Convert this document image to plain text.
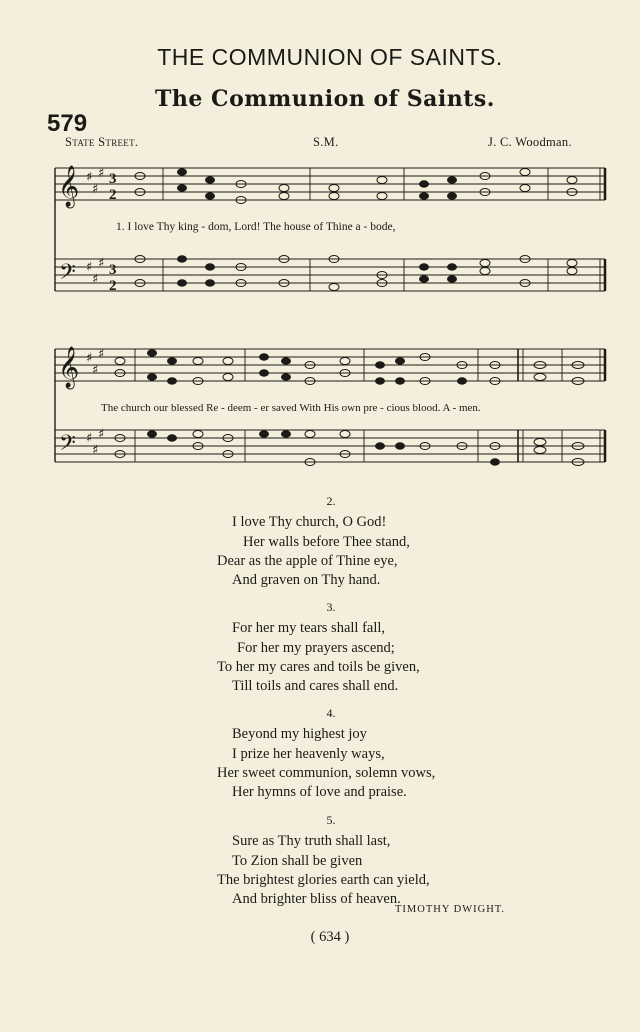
THE COMMUNION OF SAINTS.
The Communion of Saints.
579
State Street.	S.M.	J. C. Woodman.
𝄞
𝄢
𝄞
𝄢
♯
♯
♯
♯
♯
♯
♯
♯
♯
♯
♯
♯
3
2
3
2
1. I love Thy king - dom, Lord! The house of Thine a - bode,
The church our blessed Re - deem - er saved With His own pre - cious blood. A - men.
2.
I love Thy church, O God!
Her walls before Thee stand,
Dear as the apple of Thine eye,
And graven on Thy hand.
3.
For her my tears shall fall,
For her my prayers ascend;
To her my cares and toils be given,
Till toils and cares shall end.
4.
Beyond my highest joy
I prize her heavenly ways,
Her sweet communion, solemn vows,
Her hymns of love and praise.
5.
Sure as Thy truth shall last,
To Zion shall be given
The brightest glories earth can yield,
And brighter bliss of heaven.
TIMOTHY DWIGHT.
( 634 )
